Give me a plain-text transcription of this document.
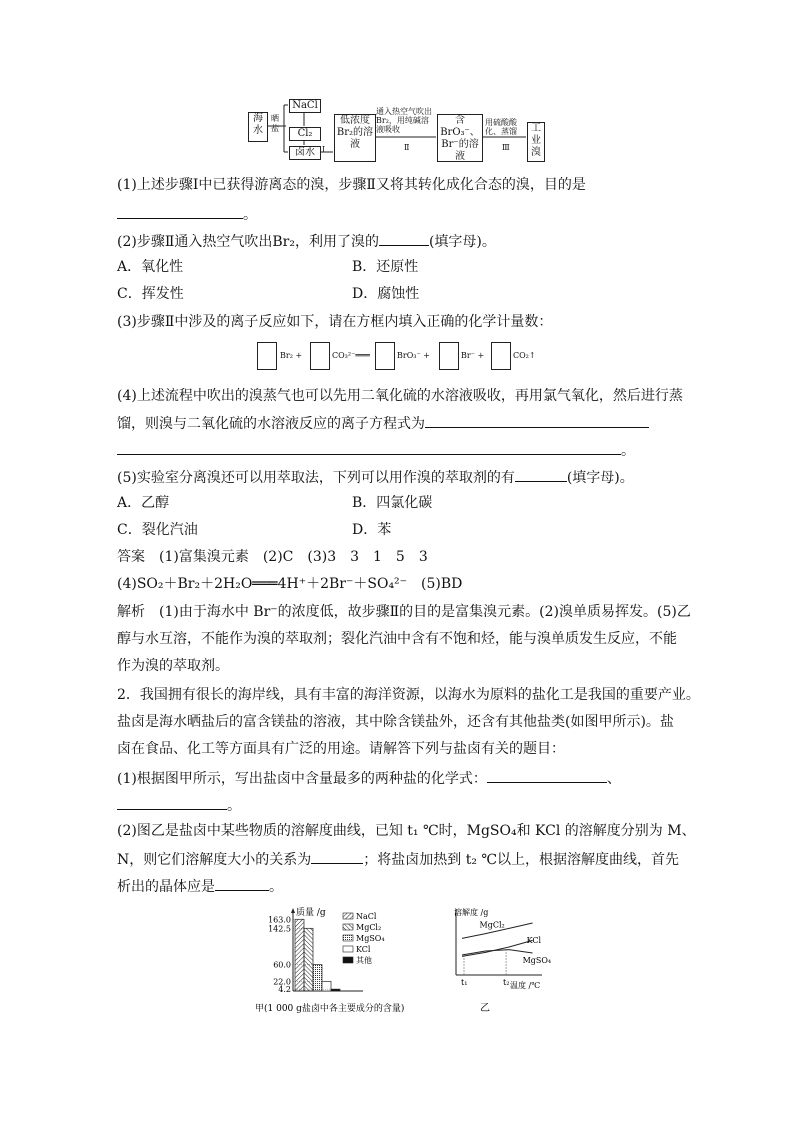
海水
晒盐
NaCl
Cl₂
卤水 Ⅰ
低浓度Br₂的溶液
通入热空气吹出Br₂，用纯碱溶液吸收
Ⅱ
含BrO₃⁻、Br⁻的溶液
用硫酸酸化、蒸馏
Ⅲ
工业溴
(1)上述步骤Ⅰ中已获得游离态的溴，步骤Ⅱ又将其转化成化合态的溴，目的是
。
(2)步骤Ⅱ通入热空气吹出Br₂，利用了溴的	(填字母)。
A．氧化性	B．还原性
C．挥发性	D．腐蚀性
(3)步骤Ⅱ中涉及的离子反应如下，请在方框内填入正确的化学计量数：
Br₂ +	CO₃²⁻═══	BrO₃⁻ +	Br⁻ +	CO₂↑
(4)上述流程中吹出的溴蒸气也可以先用二氧化硫的水溶液吸收，再用氯气氧化，然后进行蒸
馏，则溴与二氧化硫的水溶液反应的离子方程式为
。
(5)实验室分离溴还可以用萃取法，下列可以用作溴的萃取剂的有	(填字母)。
A．乙醇	B．四氯化碳
C．裂化汽油	D．苯
答案　(1)富集溴元素　(2)C　(3)3　3　1　5　3
(4)SO₂＋Br₂＋2H₂O═══4H⁺＋2Br⁻＋SO₄²⁻　(5)BD
解析　(1)由于海水中 Br⁻的浓度低，故步骤Ⅱ的目的是富集溴元素。(2)溴单质易挥发。(5)乙
醇与水互溶，不能作为溴的萃取剂；裂化汽油中含有不饱和烃，能与溴单质发生反应，不能
作为溴的萃取剂。
2．我国拥有很长的海岸线，具有丰富的海洋资源，以海水为原料的盐化工是我国的重要产业。
盐卤是海水晒盐后的富含镁盐的溶液，其中除含镁盐外，还含有其他盐类(如图甲所示)。盐
卤在食品、化工等方面具有广泛的用途。请解答下列与盐卤有关的题目：
(1)根据图甲所示，写出盐卤中含量最多的两种盐的化学式：	、
。
(2)图乙是盐卤中某些物质的溶解度曲线，已知 t₁ ℃时，MgSO₄和 KCl 的溶解度分别为 M、
N，则它们溶解度大小的关系为	；将盐卤加热到 t₂ ℃以上，根据溶解度曲线，首先
析出的晶体应是	。
质量 /g
163.0
142.5
60.0
22.0
4.2
NaCl
MgCl₂
MgSO₄
KCl
其他
甲(1 000 g盐卤中各主要成分的含量)
溶解度 /g
温度 /℃
MgCl₂
KCl
MgSO₄
t₁	t₂
乙
